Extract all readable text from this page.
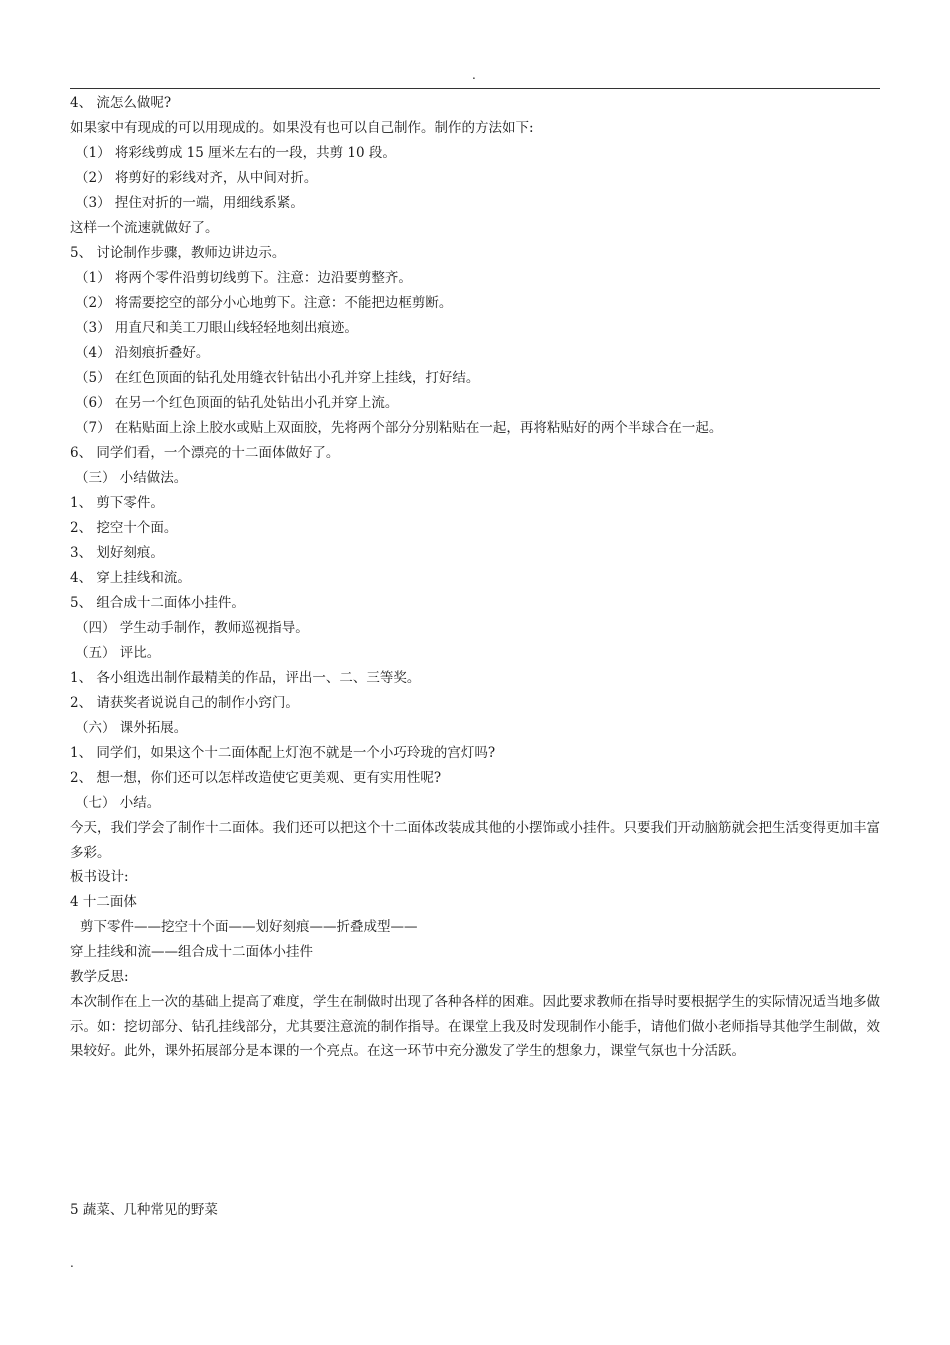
.
4、 流怎么做呢?
如果家中有现成的可以用现成的。如果没有也可以自己制作。制作的方法如下:
（1） 将彩线剪成 15 厘米左右的一段，共剪 10 段。
（2） 将剪好的彩线对齐，从中间对折。
（3） 捏住对折的一端，用细线系紧。
这样一个流速就做好了。
5、 讨论制作步骤，教师边讲边示。
（1） 将两个零件沿剪切线剪下。注意：边沿要剪整齐。
（2） 将需要挖空的部分小心地剪下。注意：不能把边框剪断。
（3） 用直尺和美工刀眼山线轻轻地刻出痕迹。
（4） 沿刻痕折叠好。
（5） 在红色顶面的钻孔处用缝衣针钻出小孔并穿上挂线，打好结。
（6） 在另一个红色顶面的钻孔处钻出小孔并穿上流。
（7） 在粘贴面上涂上胶水或贴上双面胶，先将两个部分分别粘贴在一起，再将粘贴好的两个半球合在一起。
6、 同学们看，一个漂亮的十二面体做好了。
（三） 小结做法。
1、 剪下零件。
2、 挖空十个面。
3、 划好刻痕。
4、 穿上挂线和流。
5、 组合成十二面体小挂件。
（四） 学生动手制作，教师巡视指导。
（五） 评比。
1、 各小组选出制作最精美的作品，评出一、二、三等奖。
2、 请获奖者说说自己的制作小窍门。
（六） 课外拓展。
1、 同学们，如果这个十二面体配上灯泡不就是一个小巧玲珑的宫灯吗?
2、 想一想，你们还可以怎样改造使它更美观、更有实用性呢?
（七） 小结。
今天，我们学会了制作十二面体。我们还可以把这个十二面体改装成其他的小摆饰或小挂件。只要我们开动脑筋就会把生活变得更加丰富多彩。
板书设计:
4 十二面体
剪下零件——挖空十个面——划好刻痕——折叠成型——
穿上挂线和流——组合成十二面体小挂件
教学反思:
本次制作在上一次的基础上提高了难度，学生在制做时出现了各种各样的困难。因此要求教师在指导时要根据学生的实际情况适当地多做示。如：挖切部分、钻孔挂线部分，尤其要注意流的制作指导。在课堂上我及时发现制作小能手，请他们做小老师指导其他学生制做，效果较好。此外，课外拓展部分是本课的一个亮点。在这一环节中充分激发了学生的想象力，课堂气氛也十分活跃。
5 蔬菜、几种常见的野菜
.
